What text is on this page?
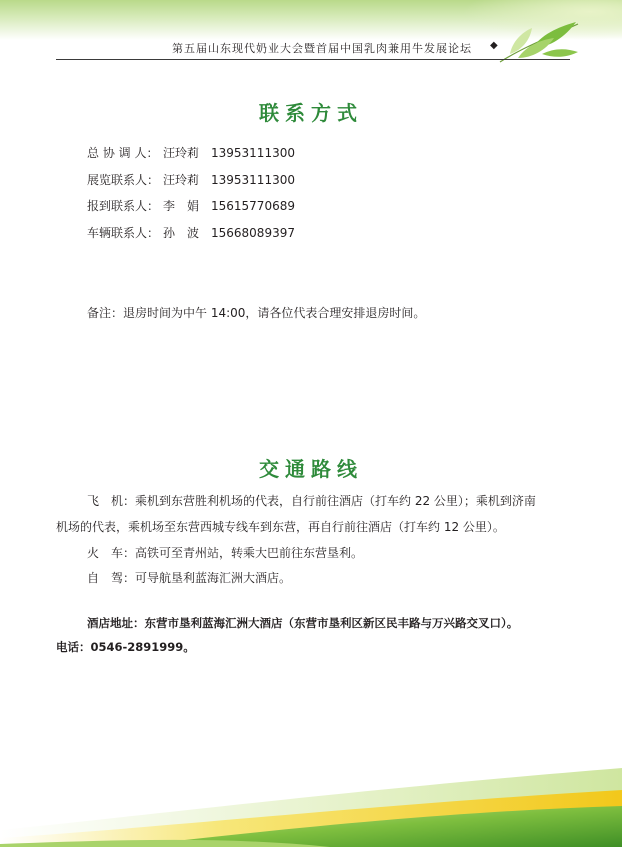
第五届山东现代奶业大会暨首届中国乳肉兼用牛发展论坛	◆
联系方式
总 协 调 人： 汪玲莉 13953111300
展览联系人： 汪玲莉 13953111300
报到联系人： 李　娟 15615770689
车辆联系人： 孙　波 15668089397
备注：退房时间为中午 14:00，请各位代表合理安排退房时间。
交通路线
飞　机：乘机到东营胜利机场的代表，自行前往酒店（打车约 22 公里）；乘机到济南
机场的代表，乘机场至东营西城专线车到东营，再自行前往酒店（打车约 12 公里）。
火　车：高铁可至青州站，转乘大巴前往东营垦利。
自　驾：可导航垦利蓝海汇洲大酒店。
酒店地址：东营市垦利蓝海汇洲大酒店（东营市垦利区新区民丰路与万兴路交叉口）。
电话：0546-2891999。
